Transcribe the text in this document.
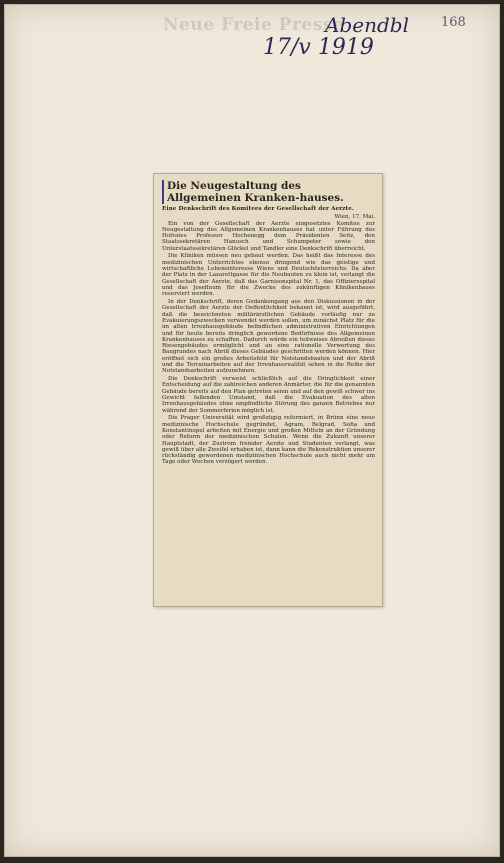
Neue Freie Presse
Abendbl
17/v 1919
168
Die Neugestaltung des Allgemeinen Kranken-hauses.
Eine Denkschrift des Komitees der Gesellschaft der Aerzte.
Wien, 17. Mai.

Ein von der Gesellschaft der Aerzte eingesetztes Komitee zur Neugestaltung des Allgemeinen Krankenhauses hat unter Führung des Hofrates Professor Hochenegg dem Präsidenten Seitz, den Staatssekretären Hanusch und Schumpeter sowie den Unterstaatssekretären Glöckel und Tandler eine Denkschrift überreicht.

Die Kliniken müssen neu gebaut werden. Das heißt das Interesse des medizinischen Unterrichtes ebenso dringend wie das geistige und wirtschaftliche Lebensinteresse Wiens und Deutschösterreichs. Da aber der Platz in der Lazarettgasse für die Neubauten zu klein ist, verlangt die Gesellschaft der Aerzte, daß das Garnisonspital Nr. 1, das Offiziersspital und das Josefinum für die Zwecke des zukünftigen Klinikenbaues reserviert werden.

In der Denkschrift, deren Gedankengang aus den Diskussionen in der Gesellschaft der Aerzte der Oeffentlichkeit bekannt ist, wird ausgeführt, daß die bezeichneten militärärztlichen Gebäude vorläufig nur zu Evakuierungszwecken verwendet werden sollen, um zunächst Platz für die im alten Irrenhausgebäude befindlichen administrativen Einrichtungen und für heute bereits dringlich gewordene Bedürfnisse des Allgemeinen Krankenhauses zu schaffen. Dadurch würde ein teilweises Abreißen dieses Riesengebäudes ermöglicht und an eine rationelle Verwertung des Baugrundes nach Abriß dieses Gebäudes geschritten werden können. Hier eröffnet sich ein großes Arbeitsfeld für Notstandsbauten und der Abriß und die Terrainarbeiten auf der Irrenhausrealität sehen in die Reihe der Notstandsarbeiten aufzunehmen.

Die Denkschrift verweist schließlich auf die Dringlichkeit einer Entscheidung auf die zahlreichen anderen Anmärter, die für die genannten Gebäude bereits auf den Plan getreten seien und auf den gewiß schwer ins Gewicht fallenden Umstand, daß die Evakuation des alten Irrenhausgebäudes ohne empfindliche Störung des ganzen Betriebes nur während der Sommerferien möglich ist.

Die Prager Universität wird großzügig reformiert, in Brünn eine neue medizinische Hochschule gegründet, Agram, Belgrad, Sofia und Konstantinopel arbeiten mit Energie und großen Mitteln an der Gründung oder Reform der medizinischen Schulen. Wenn die Zukunft unserer Hauptstadt, der Zustrom fremder Aerzte und Studenten verlangt, was gewiß über alle Zweifel erhaben ist, dann kann die Rekonstruktion unserer rückständig gewordenen medizinischen Hochschule auch nicht mehr um Tage oder Wochen verzögert werden.
